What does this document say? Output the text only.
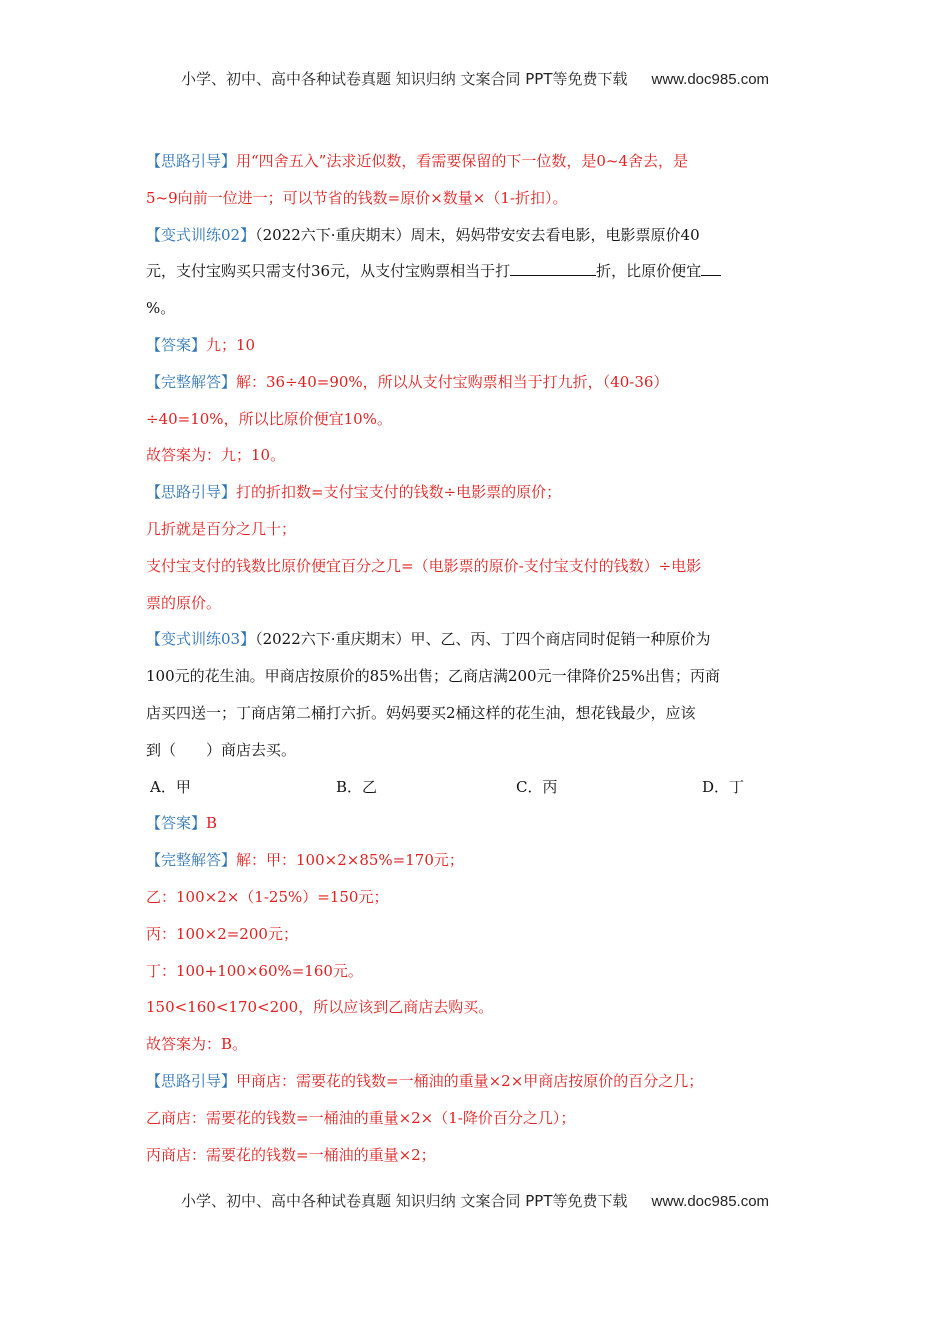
小学、初中、高中各种试卷真题 知识归纳 文案合同 PPT等免费下载 www.doc985.com
【思路引导】用“四舍五入”法求近似数，看需要保留的下一位数，是0~4舍去，是
5~9向前一位进一；可以节省的钱数=原价×数量×（1-折扣）。
【变式训练02】（2022六下·重庆期末）周末，妈妈带安安去看电影，电影票原价40
元，支付宝购买只需支付36元，从支付宝购票相当于打	折，比原价便宜
%。
【答案】九；10
【完整解答】解：36÷40=90%，所以从支付宝购票相当于打九折，（40-36）
÷40=10%，所以比原价便宜10%。
故答案为：九；10。
【思路引导】打的折扣数=支付宝支付的钱数÷电影票的原价；
几折就是百分之几十；
支付宝支付的钱数比原价便宜百分之几=（电影票的原价-支付宝支付的钱数）÷电影
票的原价。
【变式训练03】（2022六下·重庆期末）甲、乙、丙、丁四个商店同时促销一种原价为
100元的花生油。甲商店按原价的85%出售；乙商店满200元一律降价25%出售；丙商
店买四送一；丁商店第二桶打六折。妈妈要买2桶这样的花生油，想花钱最少，应该
到（　　）商店去买。
A．甲	B．乙	C．丙	D．丁
【答案】B
【完整解答】解：甲：100×2×85%=170元；
乙：100×2×（1-25%）=150元；
丙：100×2=200元；
丁：100+100×60%=160元。
150<160<170<200，所以应该到乙商店去购买。
故答案为：B。
【思路引导】甲商店：需要花的钱数=一桶油的重量×2×甲商店按原价的百分之几；
乙商店：需要花的钱数=一桶油的重量×2×（1-降价百分之几）；
丙商店：需要花的钱数=一桶油的重量×2；
小学、初中、高中各种试卷真题 知识归纳 文案合同 PPT等免费下载 www.doc985.com
